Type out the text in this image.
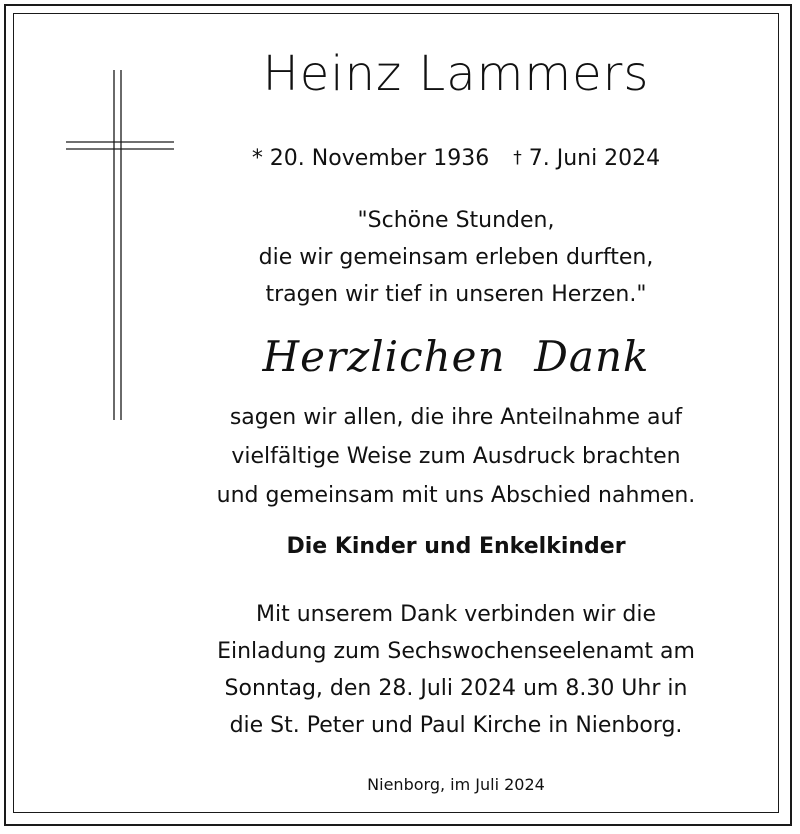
Heinz Lammers
* 20. November 1936 † 7. Juni 2024
"Schöne Stunden,
die wir gemeinsam erleben durften,
tragen wir tief in unseren Herzen."
Herzlichen  Dank
sagen wir allen, die ihre Anteilnahme auf
vielfältige Weise zum Ausdruck brachten
und gemeinsam mit uns Abschied nahmen.
Die Kinder und Enkelkinder
Mit unserem Dank verbinden wir die
Einladung zum Sechswochenseelenamt am
Sonntag, den 28. Juli 2024 um 8.30 Uhr in
die St. Peter und Paul Kirche in Nienborg.
Nienborg, im Juli 2024
